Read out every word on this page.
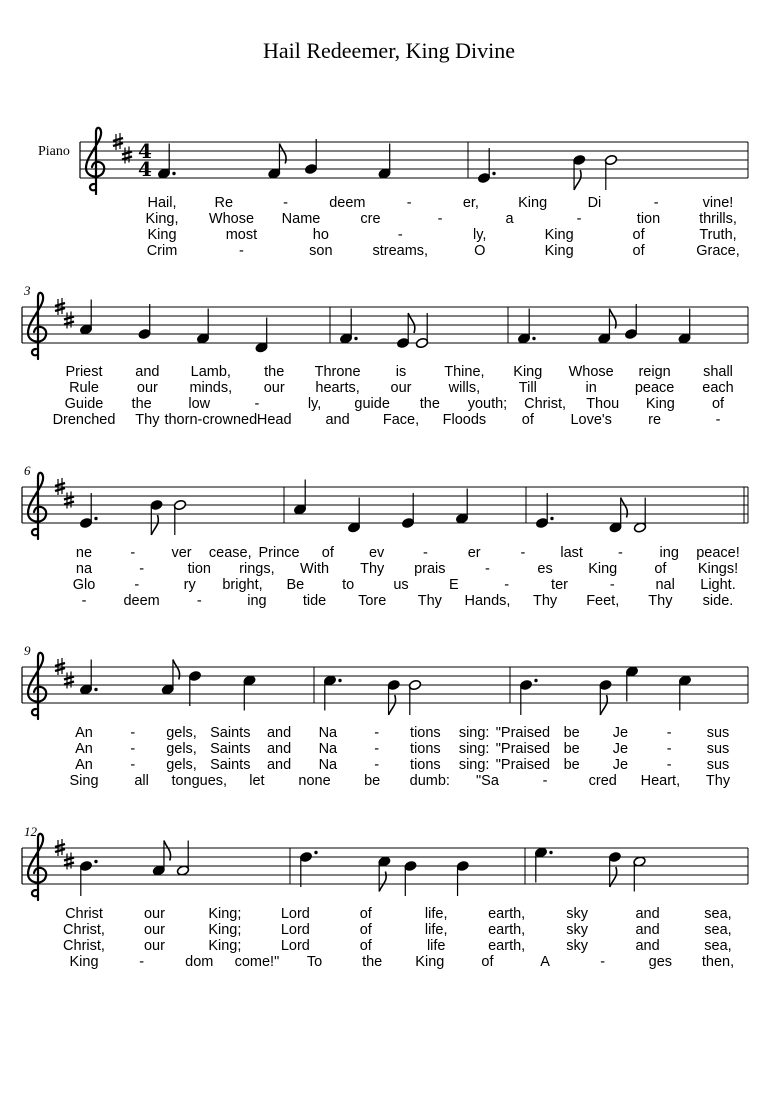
Hail Redeemer, King Divine
Piano	4
4
Hail,	Re	-	deem	-	er,	King	Di	-	vine!
King, Whose Name	cre	-	a	-	tion	thrills,
King	most	ho	-	ly,	King	of	Truth,
Crim	-	son	streams,	O	King	of	Grace,
3
Priest and Lamb, the Throne is	Thine, King Whose reign shall
Rule	our minds, our hearts, our	wills,	Till	in	peace each
Guide the	low	-	ly, guide the youth; Christ, Thou King	of
Drenched Thy thorn-crowned Head and Face, Floods of	Love's re	-
6
ne	-	ver cease, Prince of ev	-	er	- last -	ing peace!
na	-	tion rings, With Thy prais	-	es King	of Kings!
Glo	-	ry bright, Be	to	us	E	-	ter	-	nal Light.
-	deem	-	ing	tide Tore Thy Hands, Thy Feet, Thy side.
9
An	- gels, Saints and Na	- tions sing: "Praised be Je	- sus
An	- gels, Saints and Na	- tions sing: "Praised be Je	- sus
An	- gels, Saints and Na	- tions sing: "Praised be Je	- sus
Sing all tongues, let none be dumb: "Sa	-	cred Heart, Thy
12
Christ	our	King;	Lord	of	life,	earth,	sky	and	sea,
Christ,	our	King;	Lord	of	life,	earth,	sky	and	sea,
Christ,	our	King;	Lord	of	life	earth,	sky	and	sea,
King	-	dom come!" To	the King	of	A	-	ges then,
